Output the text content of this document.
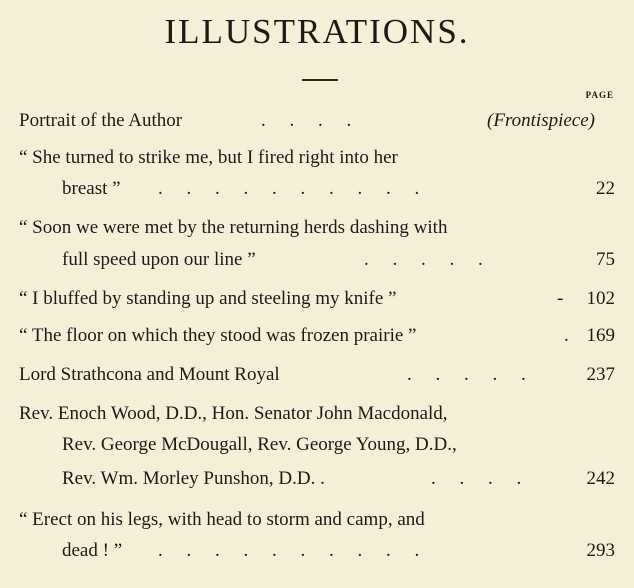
ILLUSTRATIONS.
PAGE
Portrait of the Author	.     .     .     .	(Frontispiece)
“ She turned to strike me, but I fired right into her
breast ” .     .     .     .     .     .     .     .     .     .	22
“ Soon we were met by the returning herds dashing with
full speed upon our line ”	.     .     .     .     .	75
“ I bluffed by standing up and steeling my knife ”	- 102
“ The floor on which they stood was frozen prairie ”	. 169
Lord Strathcona and Mount Royal	.     .     .     .     .	237
Rev. Enoch Wood, D.D., Hon. Senator John Macdonald,
Rev. George McDougall, Rev. George Young, D.D.,
Rev. Wm. Morley Punshon, D.D. .	.     .     .     .	242
“ Erect on his legs, with head to storm and camp, and
dead ! ” .     .     .     .     .     .     .     .     .     .	293
